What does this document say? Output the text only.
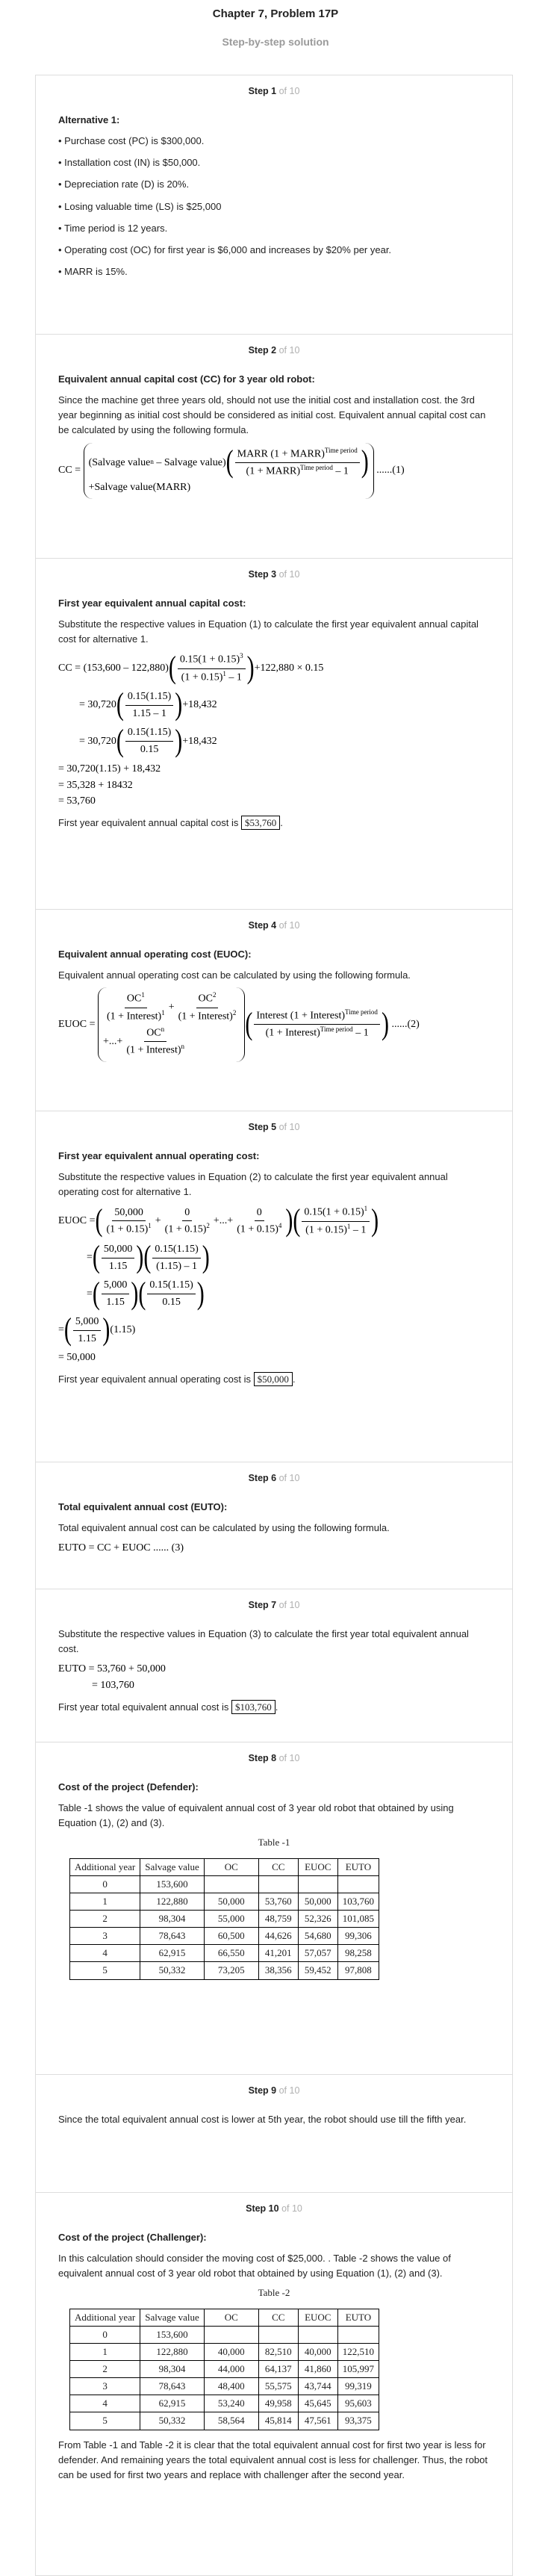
Chapter 7, Problem 17P
Step-by-step solution
Step 1 of 10
Alternative 1:
• Purchase cost (PC) is $300,000.
• Installation cost (IN) is $50,000.
• Depreciation rate (D) is 20%.
• Losing valuable time (LS) is $25,000
• Time period is 12 years.
• Operating cost (OC) for first year is $6,000 and increases by $20% per year.
• MARR is 15%.
Step 2 of 10
Equivalent annual capital cost (CC) for 3 year old robot:

Since the machine get three years old, should not use the initial cost and installation cost. the 3rd year beginning as initial cost should be considered as initial cost. Equivalent annual capital cost can be calculated by using the following formula.

CC =

(Salvage value n
– Salvage value) ( $\frac{MARR (1 + MARR)^{Time period}}{(1 + MARR)^{Time period} - 1}$ )
+Salvage value(MARR)
...... (1)
Step 3 of 10
First year equivalent annual capital cost:

Substitute the respective values in Equation (1) to calculate the first year equivalent annual capital cost for alternative 1.

CC = (153,600 – 122,880) ( $\frac{0.15(1 + 0.15)^3}{(1 + 0.15)^1 - 1}$ ) +122,880 × 0.15
= 30,720 ( $\frac{0.15(1.15)}{1.15 - 1}$ ) +18,432
= 30,720 ( $\frac{0.15(1.15)}{0.15}$ ) +18,432
= 30,720(1.15) + 18,432
= 35,328 + 18432
= 53,760

First year equivalent annual capital cost is $53,760 .

Step 4 of 10
Equivalent annual operating cost (EUOC):

Equivalent annual operating cost can be calculated by using the following formula.

EUOC =
$\frac{OC^1}{(1 + Interest)^1} + \frac{OC^2}{(1 + Interest)^2}$
+...+ $\frac{OC^n}{(1 + Interest)^n}$
( $\frac{Interest (1 + Interest)^{Time period}}{(1 + Interest)^{Time period} - 1}$ ) ...... (2)
Step 5 of 10
First year equivalent annual operating cost:

Substitute the respective values in Equation (2) to calculate the first year equivalent annual operating cost for alternative 1.

EUOC = ( $\frac{50,000}{(1 + 0.15)^1} + \frac{0}{(1 + 0.15)^2}$ +...+ $\frac{0}{(1 + 0.15)^4}$ ) ( $\frac{0.15(1 + 0.15)^1}{(1 + 0.15)^1 - 1}$ )
= ( $\frac{50,000}{1.15}$ ) ( $\frac{0.15(1.15)}{(1.15) - 1}$ )
= ( $\frac{5,000}{1.15}$ ) ( $\frac{0.15(1.15)}{0.15}$ )
= ( $\frac{5,000}{1.15}$ ) (1.15)
= 50,000

First year equivalent annual operating cost is $50,000 .

Step 6 of 10
Total equivalent annual cost (EUTO):

Total equivalent annual cost can be calculated by using the following formula.

EUTO = CC + EUOC ...... (3)
Step 7 of 10

Substitute the respective values in Equation (3) to calculate the first year total equivalent annual cost.

EUTO = 53,760 + 50,000
= 103,760

First year total equivalent annual cost is $103,760 .

Step 8 of 10
Cost of the project (Defender):

Table -1 shows the value of equivalent annual cost of 3 year old robot that obtained by using Equation (1), (2) and (3).

Table -1
Additional year	Salvage value	OC	CC	EUOC	EUTO
0	153,600				
1	122,880	50,000	53,760	50,000	103,760
2	98,304	55,000	48,759	52,326	101,085
3	78,643	60,500	44,626	54,680	99,306
4	62,915	66,550	41,201	57,057	98,258
5	50,332	73,205	38,356	59,452	97,808
Step 9 of 10

Since the total equivalent annual cost is lower at 5th year, the robot should use till the fifth year.

Step 10 of 10
Cost of the project (Challenger):

In this calculation should consider the moving cost of $25,000. . Table -2 shows the value of equivalent annual cost of 3 year old robot that obtained by using Equation (1), (2) and (3).

Table -2
Additional year	Salvage value	OC	CC	EUOC	EUTO
0	153,600				
1	122,880	40,000	82,510	40,000	122,510
2	98,304	44,000	64,137	41,860	105,997
3	78,643	48,400	55,575	43,744	99,319
4	62,915	53,240	49,958	45,645	95,603
5	50,332	58,564	45,814	47,561	93,375

From Table -1 and Table -2 it is clear that the total equivalent annual cost for first two year is less for defender. And remaining years the total equivalent annual cost is less for challenger. Thus, the robot can be used for first two years and replace with challenger after the second year.
